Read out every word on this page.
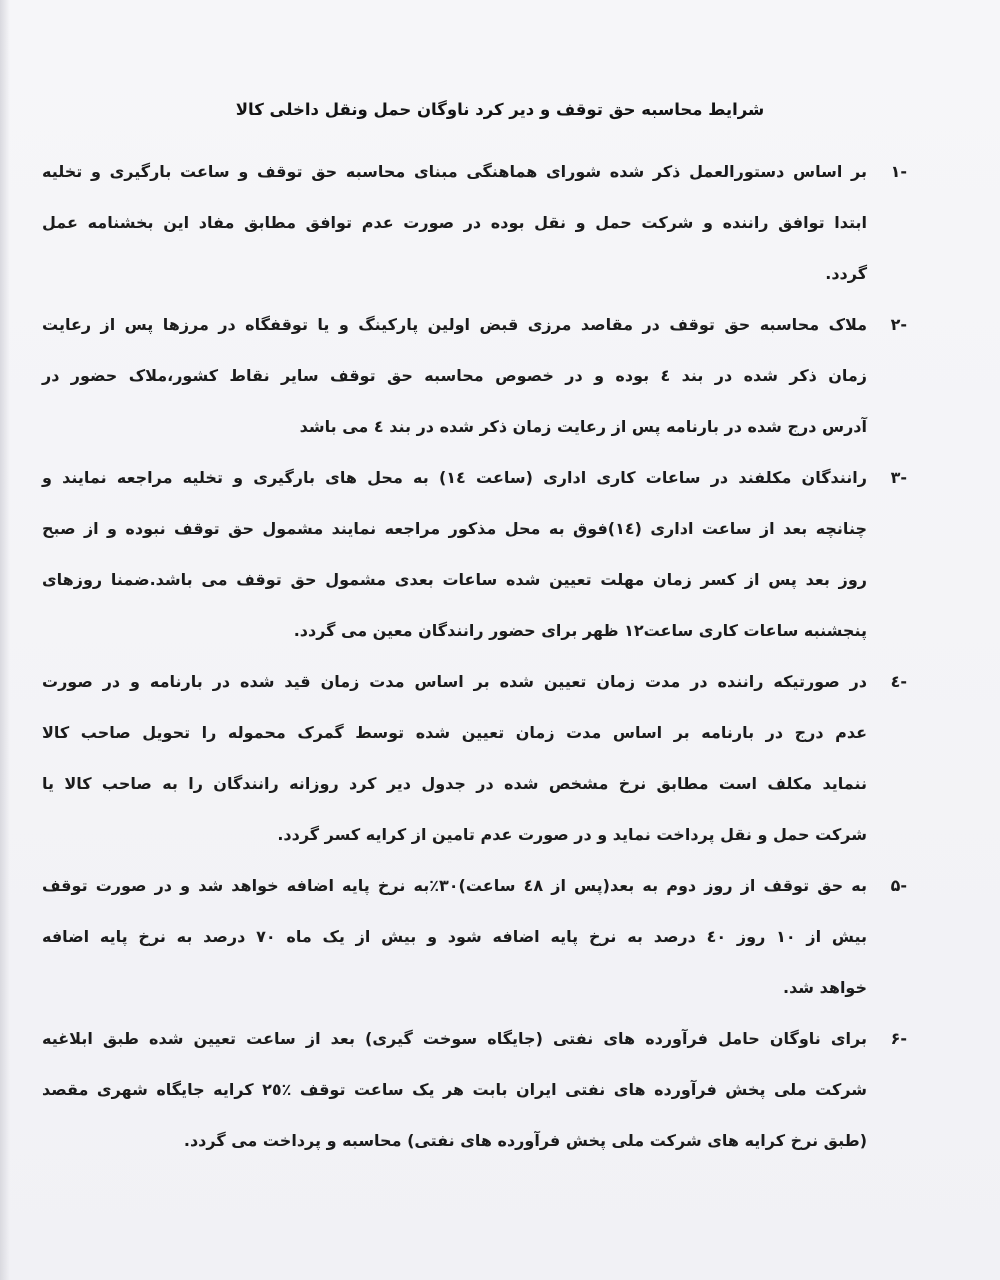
شرایط محاسبه حق توقف و دیر کرد ناوگان حمل ونقل داخلی کالا
-۱
بر اساس دستورالعمل ذکر شده شورای هماهنگی مبنای محاسبه حق توقف و ساعت بارگیری و تخلیه
ابتدا توافق راننده و شرکت حمل و نقل بوده در صورت عدم توافق مطابق مفاد این بخشنامه عمل
گردد.
-۲
ملاک محاسبه حق توقف در مقاصد مرزی قبض اولین پارکینگ و یا توقفگاه در مرزها پس از رعایت
زمان ذکر شده در بند ٤ بوده و در خصوص محاسبه حق توقف سایر نقاط کشور،ملاک حضور در
آدرس درج شده در بارنامه پس از رعایت زمان ذکر شده در بند ٤ می باشد
-۳
رانندگان مکلفند در ساعات کاری اداری (ساعت ١٤) به محل های بارگیری و تخلیه مراجعه نمایند و
چنانچه بعد از ساعت اداری (١٤)فوق به محل مذکور مراجعه نمایند مشمول حق توقف نبوده و از صبح
روز بعد پس از کسر زمان مهلت تعیین شده ساعات بعدی مشمول حق توقف می باشد.ضمنا روزهای
پنجشنبه ساعات کاری ساعت١٢ ظهر برای حضور رانندگان معین می گردد.
-٤
در صورتیکه راننده در مدت زمان تعیین شده بر اساس مدت زمان قید شده در بارنامه و در صورت
عدم درج در بارنامه بر اساس مدت زمان تعیین شده توسط گمرک محموله را تحویل صاحب کالا
ننماید مکلف است مطابق نرخ مشخص شده در جدول دیر کرد روزانه رانندگان را به صاحب کالا یا
شرکت حمل و نقل پرداخت نماید و در صورت عدم تامین از کرایه کسر گردد.
-۵
به حق توقف از روز دوم به بعد(پس از ٤٨ ساعت)٣٠٪به نرخ پایه اضافه خواهد شد و در صورت توقف
بیش از ١٠ روز ٤٠ درصد به نرخ پایه اضافه شود و بیش از یک ماه ٧٠ درصد به نرخ پایه اضافه
خواهد شد.
-۶
برای ناوگان حامل فرآورده های نفتی (جایگاه سوخت گیری) بعد از ساعت تعیین شده طبق ابلاغیه
شرکت ملی پخش فرآورده های نفتی ایران بابت هر یک ساعت توقف ٪٢٥ کرایه جایگاه شهری مقصد
(طبق نرخ کرایه های شرکت ملی پخش فرآورده های نفتی) محاسبه و پرداخت می گردد.
